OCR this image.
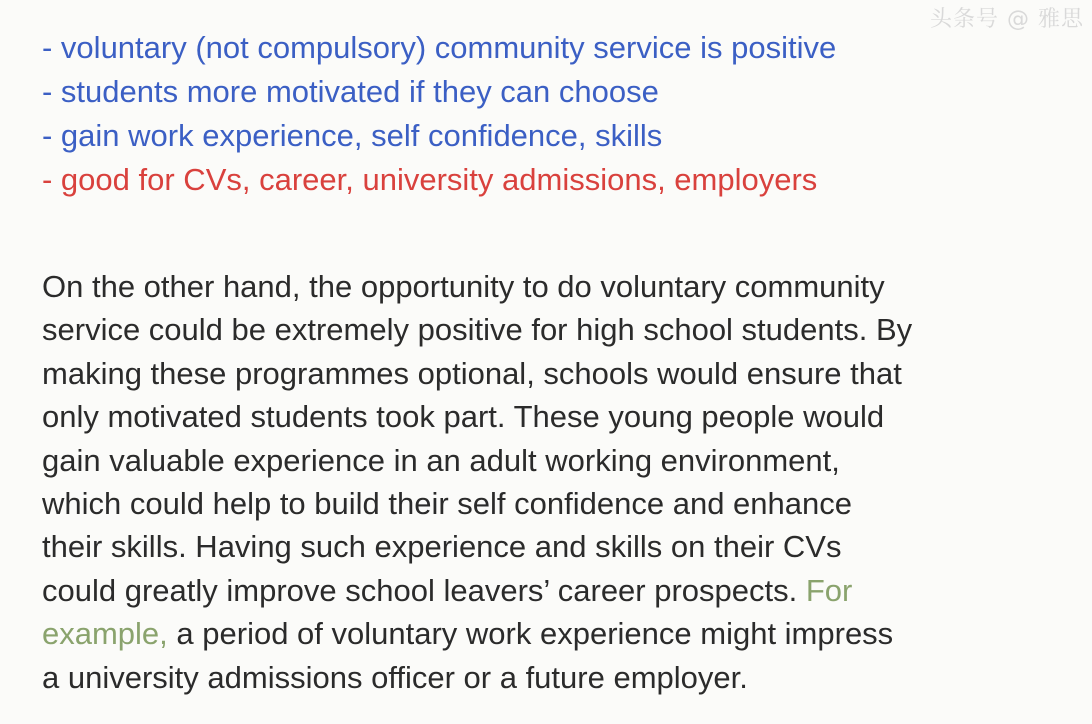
头条号 @ 雅思
- voluntary (not compulsory) community service is positive
- students more motivated if they can choose
- gain work experience, self confidence, skills
- good for CVs, career, university admissions, employers

On the other hand, the opportunity to do voluntary community
service could be extremely positive for high school students. By
making these programmes optional, schools would ensure that
only motivated students took part. These young people would
gain valuable experience in an adult working environment,
which could help to build their self confidence and enhance
their skills. Having such experience and skills on their CVs
could greatly improve school leavers’ career prospects. For
example, a period of voluntary work experience might impress
a university admissions officer or a future employer.
